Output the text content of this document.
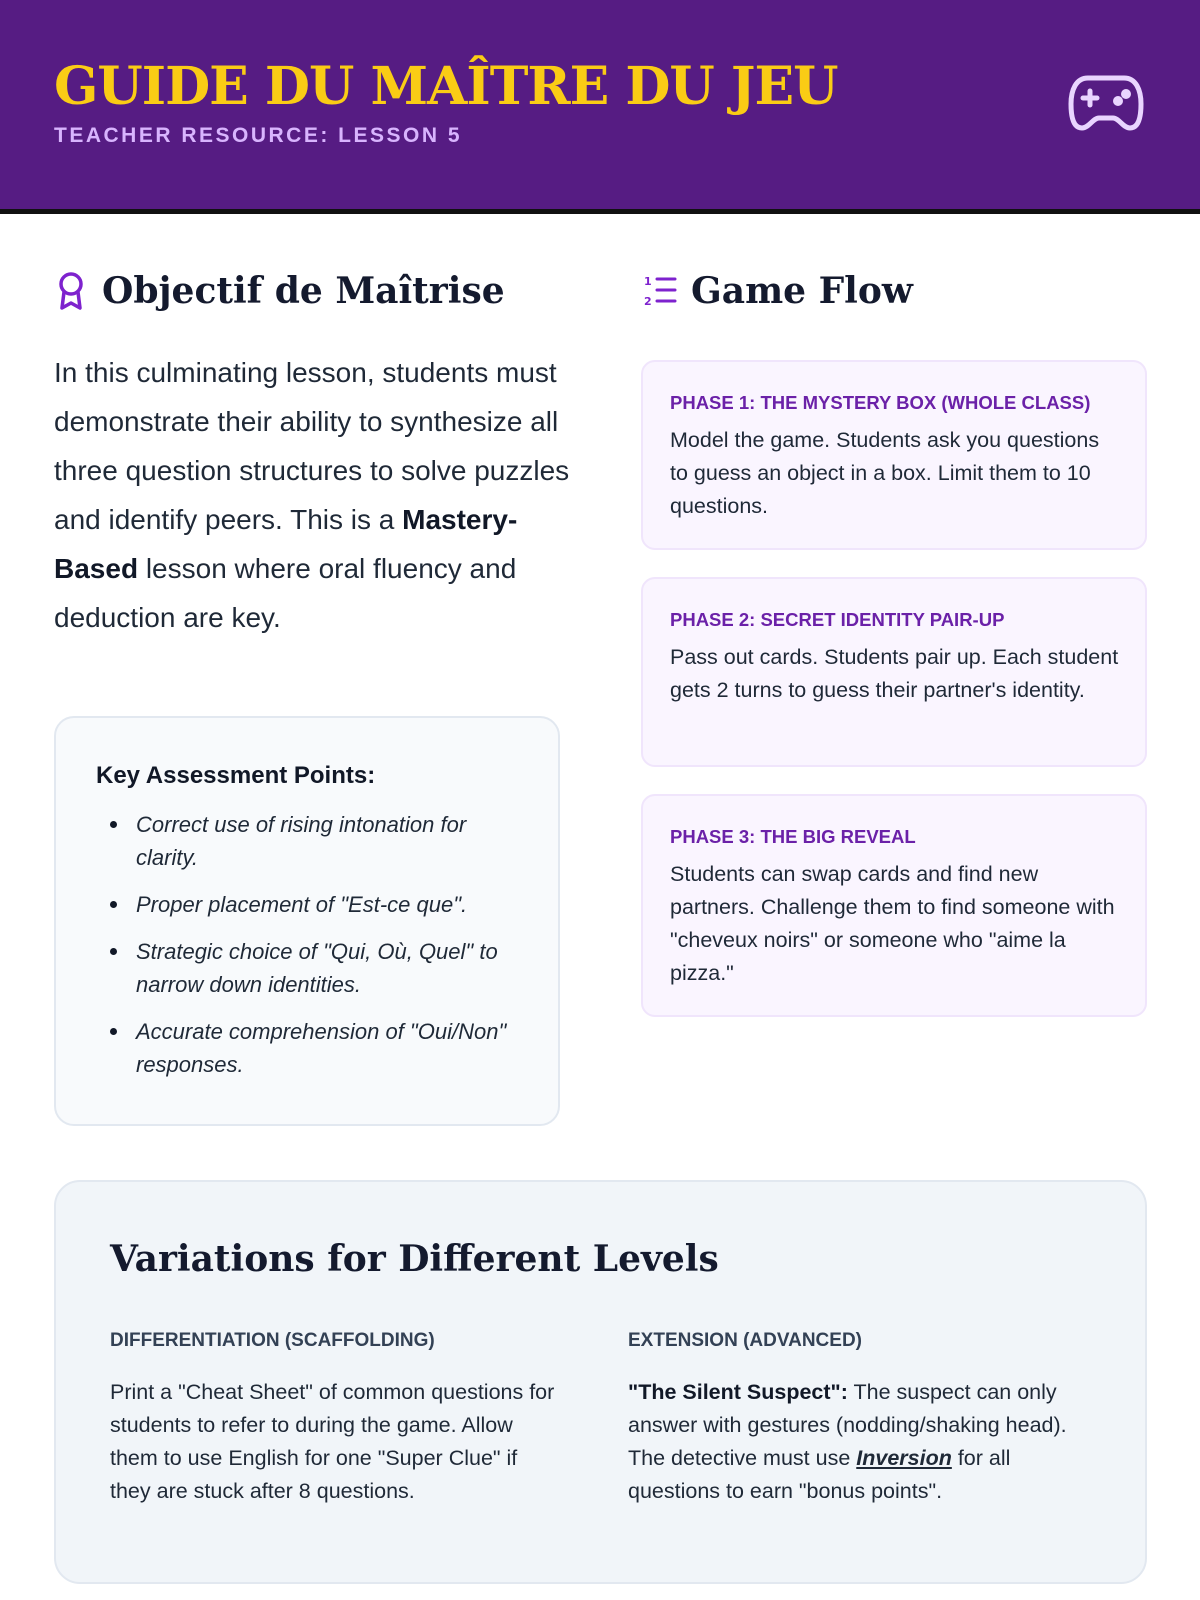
GUIDE DU MAÎTRE DU JEU
TEACHER RESOURCE: LESSON 5
Objectif de Maîtrise

In this culminating lesson, students must demonstrate their ability to synthesize all three question structures to solve puzzles and identify peers. This is a Mastery-Based lesson where oral fluency and deduction are key.

Key Assessment Points:
Correct use of rising intonation for clarity.
Proper placement of "Est-ce que".
Strategic choice of "Qui, Où, Quel" to narrow down identities.
Accurate comprehension of "Oui/Non" responses.
1
2 Game Flow
PHASE 1: THE MYSTERY BOX (WHOLE CLASS)
Model the game. Students ask you questions to guess an object in a box. Limit them to 10 questions.
PHASE 2: SECRET IDENTITY PAIR-UP
Pass out cards. Students pair up. Each student gets 2 turns to guess their partner's identity.
PHASE 3: THE BIG REVEAL
Students can swap cards and find new partners. Challenge them to find someone with "cheveux noirs" or someone who "aime la pizza."
Variations for Different Levels
DIFFERENTIATION (SCAFFOLDING)
Print a "Cheat Sheet" of common questions for students to refer to during the game. Allow them to use English for one "Super Clue" if they are stuck after 8 questions.
EXTENSION (ADVANCED)
"The Silent Suspect": The suspect can only answer with gestures (nodding/shaking head). The detective must use Inversion for all questions to earn "bonus points".
